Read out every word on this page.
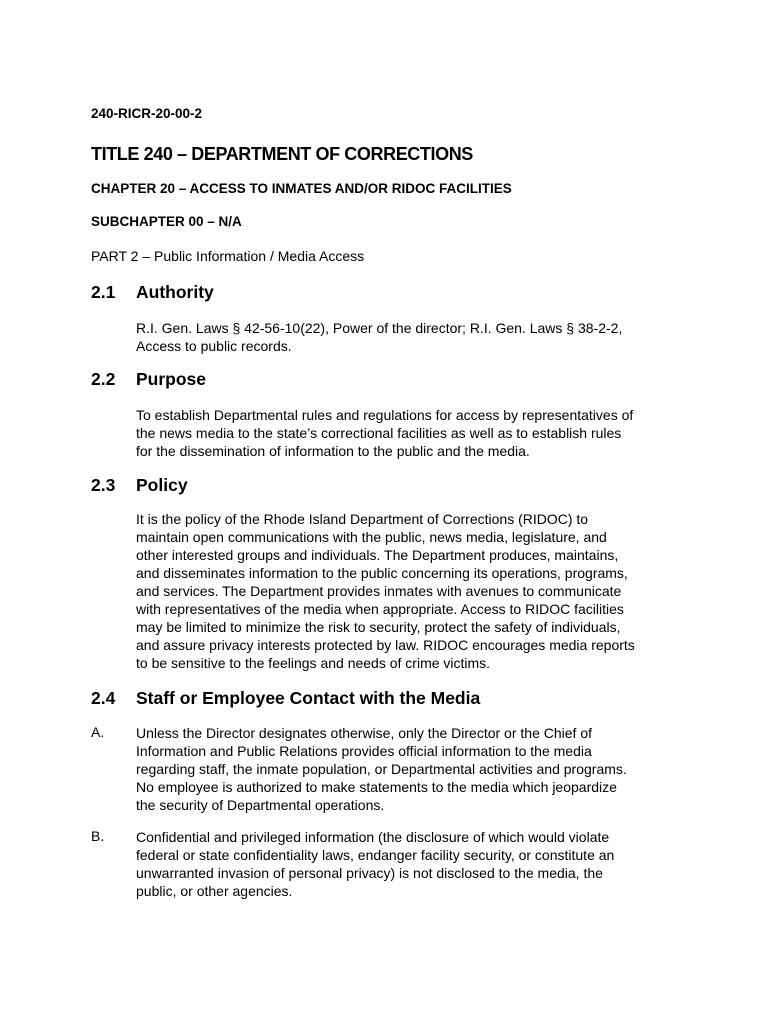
240-RICR-20-00-2
TITLE 240 – DEPARTMENT OF CORRECTIONS
CHAPTER 20 – ACCESS TO INMATES AND/OR RIDOC FACILITIES
SUBCHAPTER 00 – N/A
PART 2 – Public Information / Media Access
2.1 Authority
R.I. Gen. Laws § 42-56-10(22), Power of the director; R.I. Gen. Laws § 38-2-2,
Access to public records.
2.2 Purpose
To establish Departmental rules and regulations for access by representatives of
the news media to the state’s correctional facilities as well as to establish rules
for the dissemination of information to the public and the media.
2.3 Policy
It is the policy of the Rhode Island Department of Corrections (RIDOC) to
maintain open communications with the public, news media, legislature, and
other interested groups and individuals. The Department produces, maintains,
and disseminates information to the public concerning its operations, programs,
and services. The Department provides inmates with avenues to communicate
with representatives of the media when appropriate. Access to RIDOC facilities
may be limited to minimize the risk to security, protect the safety of individuals,
and assure privacy interests protected by law. RIDOC encourages media reports
to be sensitive to the feelings and needs of crime victims.
2.4 Staff or Employee Contact with the Media
A. Unless the Director designates otherwise, only the Director or the Chief of
Information and Public Relations provides official information to the media
regarding staff, the inmate population, or Departmental activities and programs.
No employee is authorized to make statements to the media which jeopardize
the security of Departmental operations.
B. Confidential and privileged information (the disclosure of which would violate
federal or state confidentiality laws, endanger facility security, or constitute an
unwarranted invasion of personal privacy) is not disclosed to the media, the
public, or other agencies.
